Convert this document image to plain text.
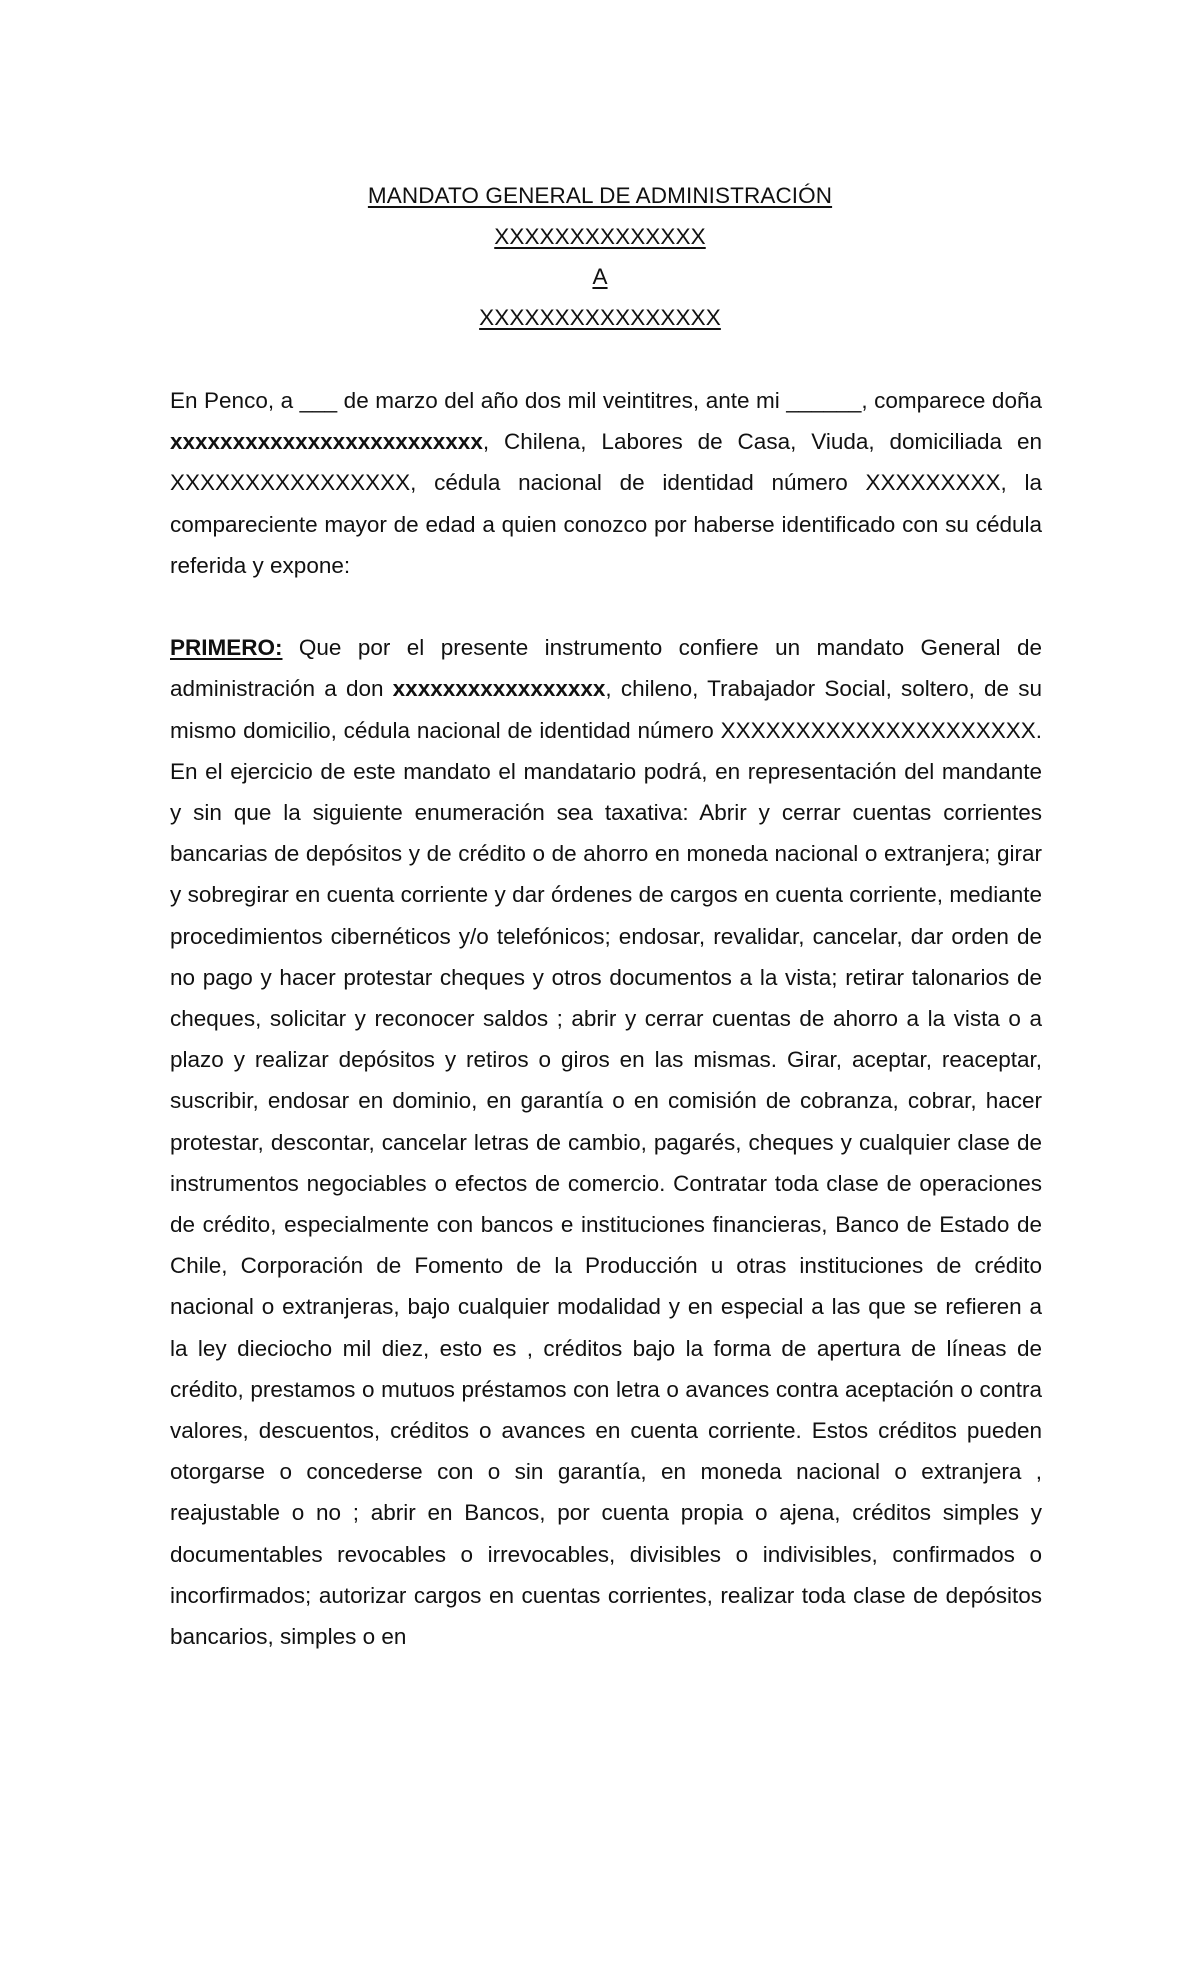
MANDATO GENERAL DE ADMINISTRACIÓN
XXXXXXXXXXXXXX
A
XXXXXXXXXXXXXXXX

En Penco, a ___ de marzo del año dos mil veintitres, ante mi ______, comparece doña xxxxxxxxxxxxxxxxxxxxxxxxx, Chilena, Labores de Casa, Viuda, domiciliada en XXXXXXXXXXXXXXXX, cédula nacional de identidad número XXXXXXXXX, la compareciente mayor de edad a quien conozco por haberse identificado con su cédula referida y expone:

PRIMERO: Que por el presente instrumento confiere un mandato General de administración a don xxxxxxxxxxxxxxxxx, chileno, Trabajador Social, soltero, de su mismo domicilio, cédula nacional de identidad número XXXXXXXXXXXXXXXXXXXXX. En el ejercicio de este mandato el mandatario podrá, en representación del mandante y sin que la siguiente enumeración sea taxativa: Abrir y cerrar cuentas corrientes bancarias de depósitos y de crédito o de ahorro en moneda nacional o extranjera; girar y sobregirar en cuenta corriente y dar órdenes de cargos en cuenta corriente, mediante procedimientos cibernéticos y/o telefónicos; endosar, revalidar, cancelar, dar orden de no pago y hacer protestar cheques y otros documentos a la vista; retirar talonarios de cheques, solicitar y reconocer saldos ; abrir y cerrar cuentas de ahorro a la vista o a plazo y realizar depósitos y retiros o giros en las mismas. Girar, aceptar, reaceptar, suscribir, endosar en dominio, en garantía o en comisión de cobranza, cobrar, hacer protestar, descontar, cancelar letras de cambio, pagarés, cheques y cualquier clase de instrumentos negociables o efectos de comercio. Contratar toda clase de operaciones de crédito, especialmente con bancos e instituciones financieras, Banco de Estado de Chile, Corporación de Fomento de la Producción u otras instituciones de crédito nacional o extranjeras, bajo cualquier modalidad y en especial a las que se refieren a la ley dieciocho mil diez, esto es , créditos bajo la forma de apertura de líneas de crédito, prestamos o mutuos préstamos con letra o avances contra aceptación o contra valores, descuentos, créditos o avances en cuenta corriente. Estos créditos pueden otorgarse o concederse con o sin garantía, en moneda nacional o extranjera , reajustable o no ; abrir en Bancos, por cuenta propia o ajena, créditos simples y documentables revocables o irrevocables, divisibles o indivisibles, confirmados o incorfirmados; autorizar cargos en cuentas corrientes, realizar toda clase de depósitos bancarios, simples o en
